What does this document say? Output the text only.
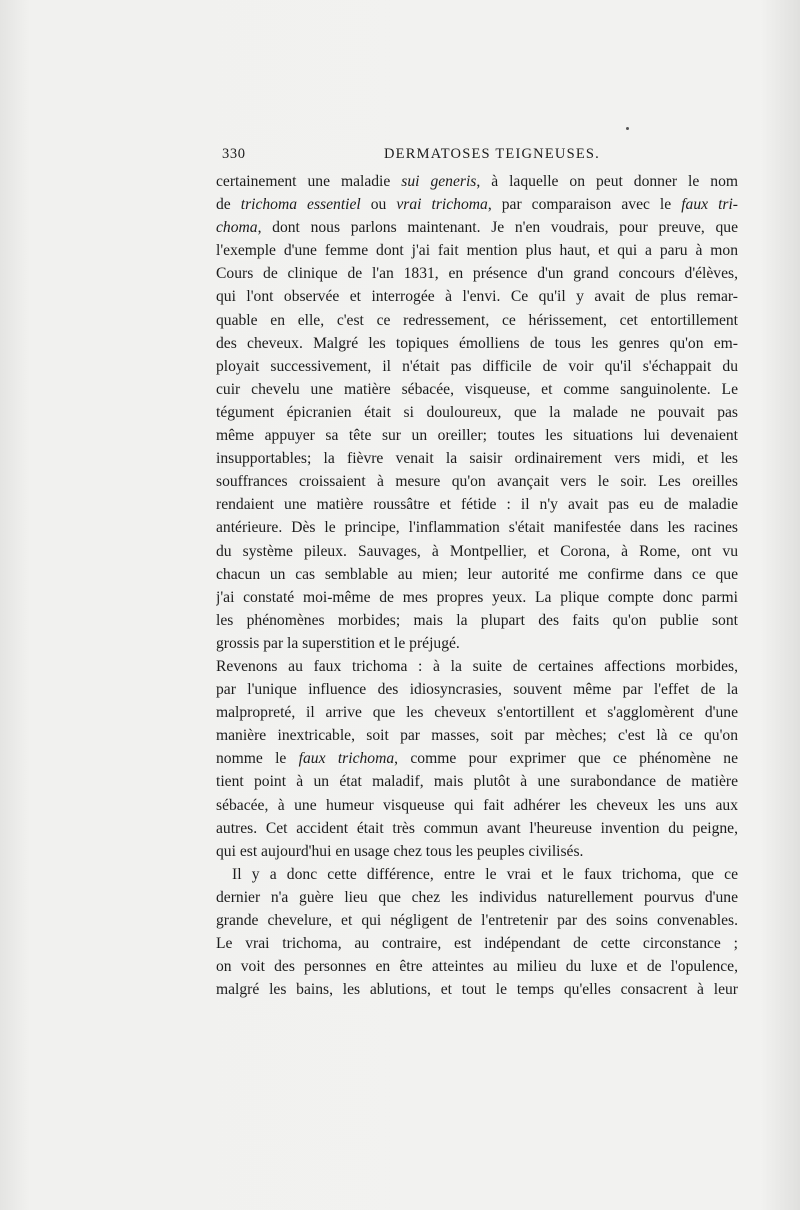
330	DERMATOSES TEIGNEUSES.
certainement une maladie sui generis, à laquelle on peut donner le nom
de trichoma essentiel ou vrai trichoma, par comparaison avec le faux tri-
choma, dont nous parlons maintenant. Je n'en voudrais, pour preuve, que
l'exemple d'une femme dont j'ai fait mention plus haut, et qui a paru à mon
Cours de clinique de l'an 1831, en présence d'un grand concours d'élèves,
qui l'ont observée et interrogée à l'envi. Ce qu'il y avait de plus remar-
quable en elle, c'est ce redressement, ce hérissement, cet entortillement
des cheveux. Malgré les topiques émolliens de tous les genres qu'on em-
ployait successivement, il n'était pas difficile de voir qu'il s'échappait du
cuir chevelu une matière sébacée, visqueuse, et comme sanguinolente. Le
tégument épicranien était si douloureux, que la malade ne pouvait pas
même appuyer sa tête sur un oreiller; toutes les situations lui devenaient
insupportables; la fièvre venait la saisir ordinairement vers midi, et les
souffrances croissaient à mesure qu'on avançait vers le soir. Les oreilles
rendaient une matière roussâtre et fétide : il n'y avait pas eu de maladie
antérieure. Dès le principe, l'inflammation s'était manifestée dans les racines
du système pileux. Sauvages, à Montpellier, et Corona, à Rome, ont vu
chacun un cas semblable au mien; leur autorité me confirme dans ce que
j'ai constaté moi-même de mes propres yeux. La plique compte donc parmi
les phénomènes morbides; mais la plupart des faits qu'on publie sont
grossis par la superstition et le préjugé.
Revenons au faux trichoma : à la suite de certaines affections morbides,
par l'unique influence des idiosyncrasies, souvent même par l'effet de la
malpropreté, il arrive que les cheveux s'entortillent et s'agglomèrent d'une
manière inextricable, soit par masses, soit par mèches; c'est là ce qu'on
nomme le faux trichoma, comme pour exprimer que ce phénomène ne
tient point à un état maladif, mais plutôt à une surabondance de matière
sébacée, à une humeur visqueuse qui fait adhérer les cheveux les uns aux
autres. Cet accident était très commun avant l'heureuse invention du peigne,
qui est aujourd'hui en usage chez tous les peuples civilisés.
Il y a donc cette différence, entre le vrai et le faux trichoma, que ce
dernier n'a guère lieu que chez les individus naturellement pourvus d'une
grande chevelure, et qui négligent de l'entretenir par des soins convenables.
Le vrai trichoma, au contraire, est indépendant de cette circonstance ;
on voit des personnes en être atteintes au milieu du luxe et de l'opulence,
malgré les bains, les ablutions, et tout le temps qu'elles consacrent à leur
